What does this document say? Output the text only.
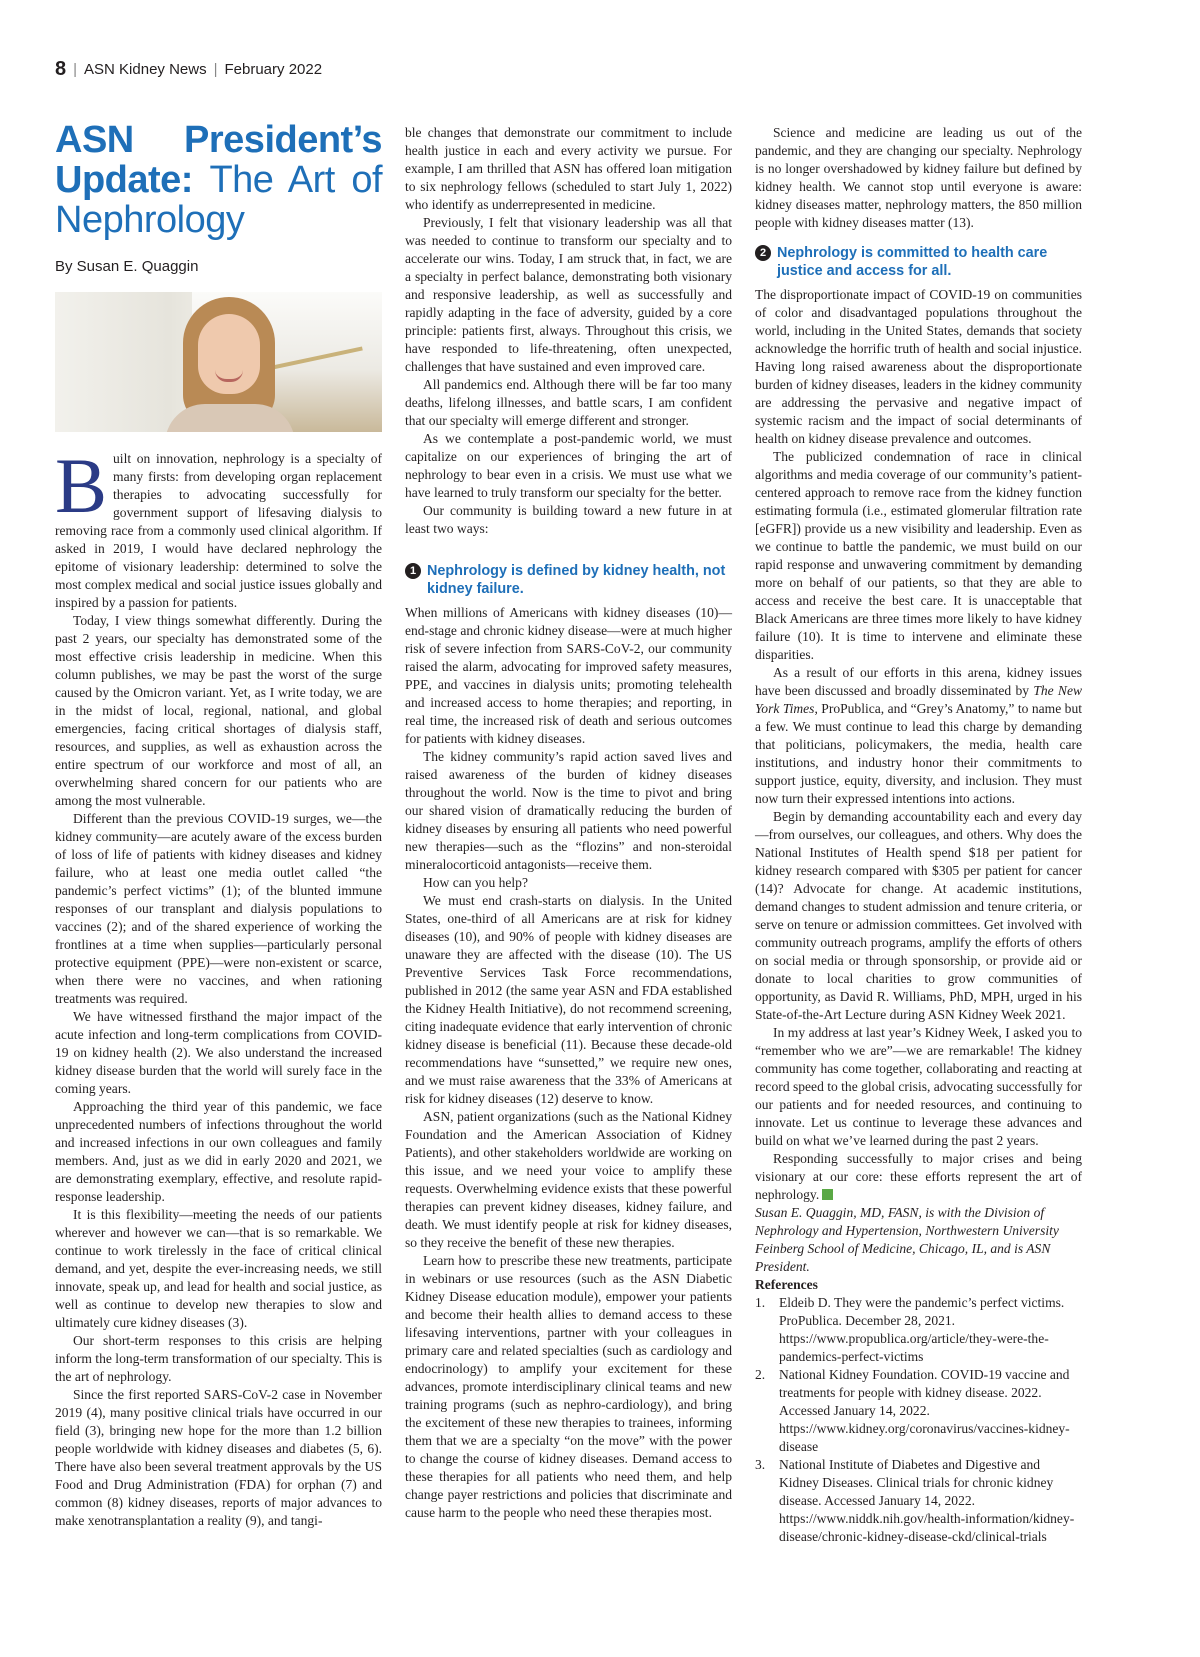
8 | ASN Kidney News | February 2022
ASN President’s Update: The Art of Nephrology
By Susan E. Quaggin

Built on innovation, nephrology is a specialty of many firsts: from developing organ replacement therapies to advocating successfully for government support of lifesaving dialysis to removing race from a commonly used clinical algorithm. If asked in 2019, I would have declared nephrology the epitome of visionary leadership: determined to solve the most complex medical and social justice issues globally and inspired by a passion for patients.

Today, I view things somewhat differently. During the past 2 years, our specialty has demonstrated some of the most effective crisis leadership in medicine. When this column publishes, we may be past the worst of the surge caused by the Omicron variant. Yet, as I write today, we are in the midst of local, regional, national, and global emergencies, facing critical shortages of dialysis staff, resources, and supplies, as well as exhaustion across the entire spectrum of our workforce and most of all, an overwhelming shared concern for our patients who are among the most vulnerable.

Different than the previous COVID-19 surges, we—the kidney community—are acutely aware of the excess burden of loss of life of patients with kidney diseases and kidney failure, who at least one media outlet called “the pandemic’s perfect victims” (1); of the blunted immune responses of our transplant and dialysis populations to vaccines (2); and of the shared experience of working the frontlines at a time when supplies—particularly personal protective equipment (PPE)—were non-existent or scarce, when there were no vaccines, and when rationing treatments was required.

We have witnessed firsthand the major impact of the acute infection and long-term complications from COVID-19 on kidney health (2). We also understand the increased kidney disease burden that the world will surely face in the coming years.

Approaching the third year of this pandemic, we face unprecedented numbers of infections throughout the world and increased infections in our own colleagues and family members. And, just as we did in early 2020 and 2021, we are demonstrating exemplary, effective, and resolute rapid-response leadership.

It is this flexibility—meeting the needs of our patients wherever and however we can—that is so remarkable. We continue to work tirelessly in the face of critical clinical demand, and yet, despite the ever-increasing needs, we still innovate, speak up, and lead for health and social justice, as well as continue to develop new therapies to slow and ultimately cure kidney diseases (3).

Our short-term responses to this crisis are helping inform the long-term transformation of our specialty. This is the art of nephrology.

Since the first reported SARS-CoV-2 case in November 2019 (4), many positive clinical trials have occurred in our field (3), bringing new hope for the more than 1.2 billion people worldwide with kidney diseases and diabetes (5, 6). There have also been several treatment approvals by the US Food and Drug Administration (FDA) for orphan (7) and common (8) kidney diseases, reports of major advances to make xenotransplantation a reality (9), and tangi-

ble changes that demonstrate our commitment to include health justice in each and every activity we pursue. For example, I am thrilled that ASN has offered loan mitigation to six nephrology fellows (scheduled to start July 1, 2022) who identify as underrepresented in medicine.

Previously, I felt that visionary leadership was all that was needed to continue to transform our specialty and to accelerate our wins. Today, I am struck that, in fact, we are a specialty in perfect balance, demonstrating both visionary and responsive leadership, as well as successfully and rapidly adapting in the face of adversity, guided by a core principle: patients first, always. Throughout this crisis, we have responded to life-threatening, often unexpected, challenges that have sustained and even improved care.

All pandemics end. Although there will be far too many deaths, lifelong illnesses, and battle scars, I am confident that our specialty will emerge different and stronger.

As we contemplate a post-pandemic world, we must capitalize on our experiences of bringing the art of nephrology to bear even in a crisis. We must use what we have learned to truly transform our specialty for the better.

Our community is building toward a new future in at least two ways:

1 Nephrology is defined by kidney health, not kidney failure.

When millions of Americans with kidney diseases (10)—end-stage and chronic kidney disease—were at much higher risk of severe infection from SARS-CoV-2, our community raised the alarm, advocating for improved safety measures, PPE, and vaccines in dialysis units; promoting telehealth and increased access to home therapies; and reporting, in real time, the increased risk of death and serious outcomes for patients with kidney diseases.

The kidney community’s rapid action saved lives and raised awareness of the burden of kidney diseases throughout the world. Now is the time to pivot and bring our shared vision of dramatically reducing the burden of kidney diseases by ensuring all patients who need powerful new therapies—such as the “flozins” and non-steroidal mineralocorticoid antagonists—receive them.

How can you help?

We must end crash-starts on dialysis. In the United States, one-third of all Americans are at risk for kidney diseases (10), and 90% of people with kidney diseases are unaware they are affected with the disease (10). The US Preventive Services Task Force recommendations, published in 2012 (the same year ASN and FDA established the Kidney Health Initiative), do not recommend screening, citing inadequate evidence that early intervention of chronic kidney disease is beneficial (11). Because these decade-old recommendations have “sunsetted,” we require new ones, and we must raise awareness that the 33% of Americans at risk for kidney diseases (12) deserve to know.

ASN, patient organizations (such as the National Kidney Foundation and the American Association of Kidney Patients), and other stakeholders worldwide are working on this issue, and we need your voice to amplify these requests. Overwhelming evidence exists that these powerful therapies can prevent kidney diseases, kidney failure, and death. We must identify people at risk for kidney diseases, so they receive the benefit of these new therapies.

Learn how to prescribe these new treatments, participate in webinars or use resources (such as the ASN Diabetic Kidney Disease education module), empower your patients and become their health allies to demand access to these lifesaving interventions, partner with your colleagues in primary care and related specialties (such as cardiology and endocrinology) to amplify your excitement for these advances, promote interdisciplinary clinical teams and new training programs (such as nephro-cardiology), and bring the excitement of these new therapies to trainees, informing them that we are a specialty “on the move” with the power to change the course of kidney diseases. Demand access to these therapies for all patients who need them, and help change payer restrictions and policies that discriminate and cause harm to the people who need these therapies most.

Science and medicine are leading us out of the pandemic, and they are changing our specialty. Nephrology is no longer overshadowed by kidney failure but defined by kidney health. We cannot stop until everyone is aware: kidney diseases matter, nephrology matters, the 850 million people with kidney diseases matter (13).

2 Nephrology is committed to health care justice and access for all.

The disproportionate impact of COVID-19 on communities of color and disadvantaged populations throughout the world, including in the United States, demands that society acknowledge the horrific truth of health and social injustice. Having long raised awareness about the disproportionate burden of kidney diseases, leaders in the kidney community are addressing the pervasive and negative impact of systemic racism and the impact of social determinants of health on kidney disease prevalence and outcomes.

The publicized condemnation of race in clinical algorithms and media coverage of our community’s patient-centered approach to remove race from the kidney function estimating formula (i.e., estimated glomerular filtration rate [eGFR]) provide us a new visibility and leadership. Even as we continue to battle the pandemic, we must build on our rapid response and unwavering commitment by demanding more on behalf of our patients, so that they are able to access and receive the best care. It is unacceptable that Black Americans are three times more likely to have kidney failure (10). It is time to intervene and eliminate these disparities.

As a result of our efforts in this arena, kidney issues have been discussed and broadly disseminated by The New York Times, ProPublica, and “Grey’s Anatomy,” to name but a few. We must continue to lead this charge by demanding that politicians, policymakers, the media, health care institutions, and industry honor their commitments to support justice, equity, diversity, and inclusion. They must now turn their expressed intentions into actions.

Begin by demanding accountability each and every day—from ourselves, our colleagues, and others. Why does the National Institutes of Health spend $18 per patient for kidney research compared with $305 per patient for cancer (14)? Advocate for change. At academic institutions, demand changes to student admission and tenure criteria, or serve on tenure or admission committees. Get involved with community outreach programs, amplify the efforts of others on social media or through sponsorship, or provide aid or donate to local charities to grow communities of opportunity, as David R. Williams, PhD, MPH, urged in his State-of-the-Art Lecture during ASN Kidney Week 2021.

In my address at last year’s Kidney Week, I asked you to “remember who we are”—we are remarkable! The kidney community has come together, collaborating and reacting at record speed to the global crisis, advocating successfully for our patients and for needed resources, and continuing to innovate. Let us continue to leverage these advances and build on what we’ve learned during the past 2 years.

Responding successfully to major crises and being visionary at our core: these efforts represent the art of nephrology.

Susan E. Quaggin, MD, FASN, is with the Division of Nephrology and Hypertension, Northwestern University Feinberg School of Medicine, Chicago, IL, and is ASN President.

References

1. Eldeib D. They were the pandemic’s perfect victims. ProPublica. December 28, 2021. https://www.propublica.org/article/they-were-the-pandemics-perfect-victims
2. National Kidney Foundation. COVID-19 vaccine and treatments for people with kidney disease. 2022. Accessed January 14, 2022. https://www.kidney.org/coronavirus/vaccines-kidney-disease
3. National Institute of Diabetes and Digestive and Kidney Diseases. Clinical trials for chronic kidney disease. Accessed January 14, 2022. https://www.niddk.nih.gov/health-information/kidney-disease/chronic-kidney-disease-ckd/clinical-trials
